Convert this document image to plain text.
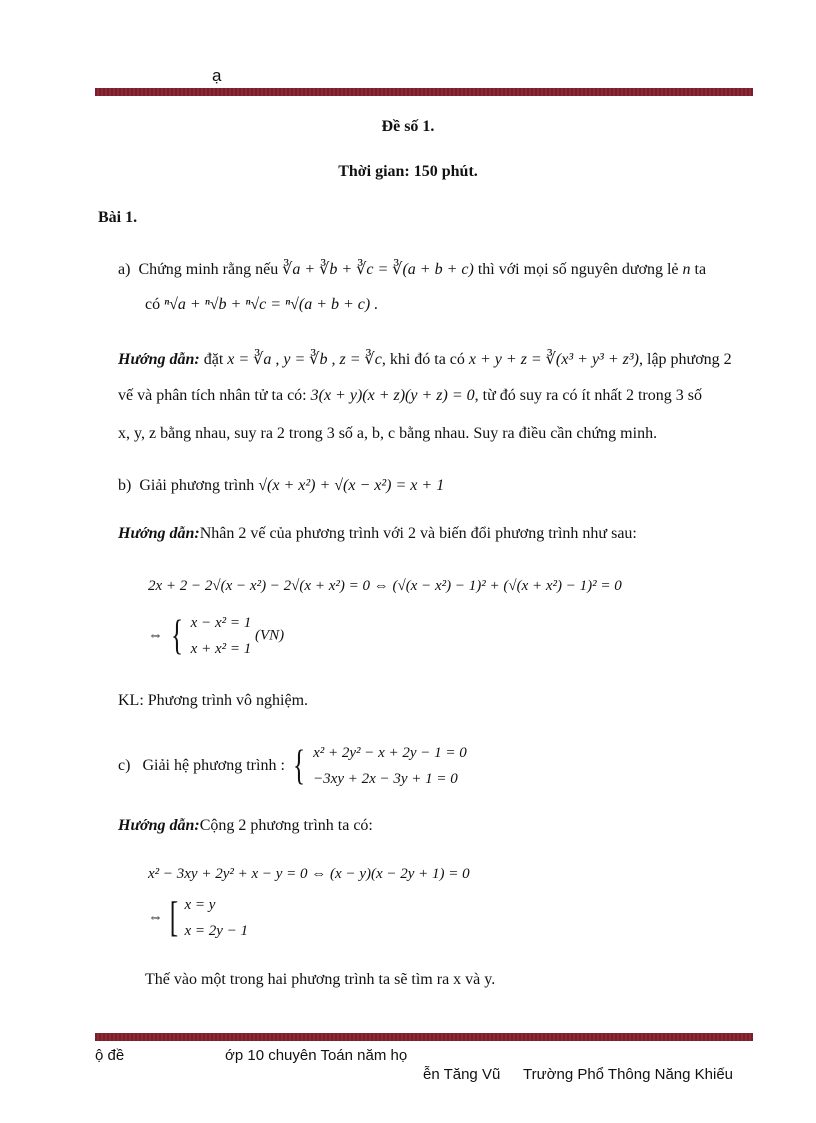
ạ
Đề số 1.
Thời gian: 150 phút.
Bài 1.
a) Chứng minh rằng nếu ∛a + ∛b + ∛c = ∛(a + b + c) thì với mọi số nguyên dương lẻ n ta
có ⁿ√a + ⁿ√b + ⁿ√c = ⁿ√(a + b + c) .
Hướng dẫn: đặt x = ∛a , y = ∛b , z = ∛c, khi đó ta có x + y + z = ∛(x³ + y³ + z³), lập phương 2
vế và phân tích nhân tử ta có: 3(x + y)(x + z)(y + z) = 0, từ đó suy ra có ít nhất 2 trong 3 số
x, y, z bằng nhau, suy ra 2 trong 3 số a, b, c bằng nhau. Suy ra điều cần chứng minh.
b) Giải phương trình √(x + x²) + √(x − x²) = x + 1
Hướng dẫn:Nhân 2 vế của phương trình với 2 và biến đổi phương trình như sau:
2x + 2 − 2√(x − x²) − 2√(x + x²) = 0 ⇔ (√(x − x²) − 1)² + (√(x + x²) − 1)² = 0
⇔ { x − x² = 1
x + x² = 1
(VN)
KL: Phương trình vô nghiệm.
c) Giải hệ phương trình : { x² + 2y² − x + 2y − 1 = 0
−3xy + 2x − 3y + 1 = 0
Hướng dẫn:Cộng 2 phương trình ta có:
x² − 3xy + 2y² + x − y = 0 ⇔ (x − y)(x − 2y + 1) = 0
⇔ [ x = y
x = 2y − 1
Thế vào một trong hai phương trình ta sẽ tìm ra x và y.
ộ đề	ớp 10 chuyên Toán năm họ
ễn Tăng Vũ Trường Phổ Thông Năng Khiếu
